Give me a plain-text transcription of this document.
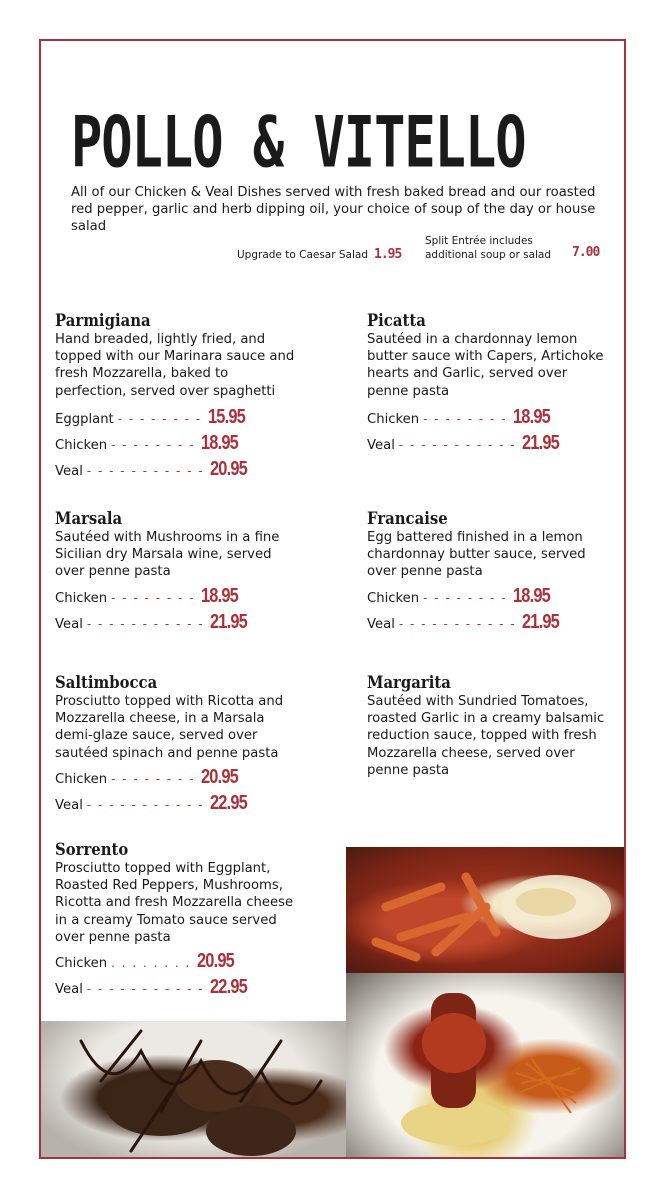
POLLO & VITELLO
All of our Chicken & Veal Dishes served with fresh baked bread and our roasted red pepper, garlic and herb dipping oil, your choice of soup of the day or house salad
Upgrade to Caesar Salad 1.95
Split Entrée includes
additional soup or salad 7.00
Parmigiana

Hand breaded, lightly fried, and topped with our Marinara sauce and fresh Mozzarella, baked to perfection, served over spaghetti

Eggplant - - - - - - - - 15.95
Chicken - - - - - - - - 18.95
Veal - - - - - - - - - - - 20.95
Picatta

Sautéed in a chardonnay lemon butter sauce with Capers, Artichoke hearts and Garlic, served over penne pasta

Chicken - - - - - - - - 18.95
Veal - - - - - - - - - - - 21.95
Marsala

Sautéed with Mushrooms in a fine Sicilian dry Marsala wine, served over penne pasta

Chicken - - - - - - - - 18.95
Veal - - - - - - - - - - - 21.95
Francaise

Egg battered finished in a lemon chardonnay butter sauce, served over penne pasta

Chicken - - - - - - - - 18.95
Veal - - - - - - - - - - - 21.95
Saltimbocca

Prosciutto topped with Ricotta and Mozzarella cheese, in a Marsala demi-glaze sauce, served over sautéed spinach and penne pasta

Chicken - - - - - - - - 20.95
Veal - - - - - - - - - - - 22.95
Margarita

Sautéed with Sundried Tomatoes, roasted Garlic in a creamy balsamic reduction sauce, topped with fresh Mozzarella cheese, served over penne pasta

Sorrento

Prosciutto topped with Eggplant, Roasted Red Peppers, Mushrooms, Ricotta and fresh Mozzarella cheese in a creamy Tomato sauce served over penne pasta

Chicken . . . . . . . . 20.95
Veal - - - - - - - - - - - 22.95
